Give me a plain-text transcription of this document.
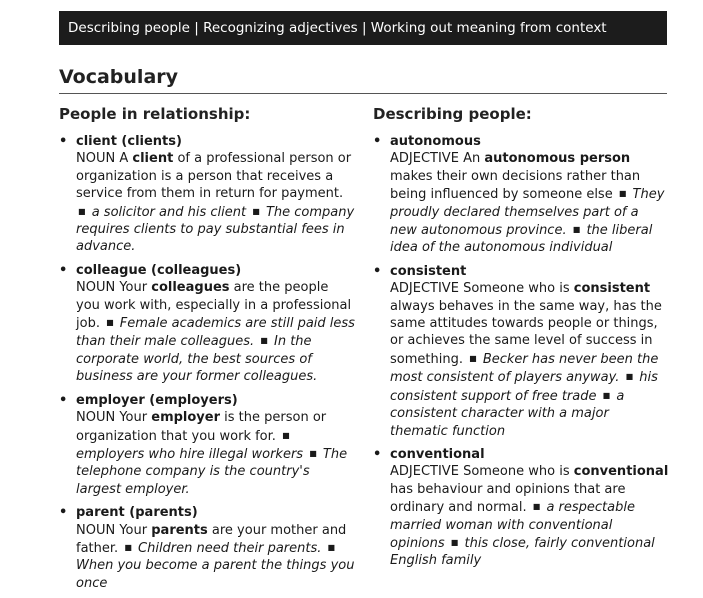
Describing people | Recognizing adjectives | Working out meaning from context
Vocabulary
People in relationship:
• client (clients)
NOUN A client of a professional person or organization is a person that receives a service from them in return for payment. ■ a solicitor and his client ■ The company requires clients to pay substantial fees in advance.
• colleague (colleagues)
NOUN Your colleagues are the people you work with, especially in a professional job. ■ Female academics are still paid less than their male colleagues. ■ In the corporate world, the best sources of business are your former colleagues.
• employer (employers)
NOUN Your employer is the person or organization that you work for. ■ employers who hire illegal workers ■ The telephone company is the country's largest employer.
• parent (parents)
NOUN Your parents are your mother and father. ■ Children need their parents. ■ When you become a parent the things you once
Describing people:
• autonomous
ADJECTIVE An autonomous person makes their own decisions rather than being influenced by someone else ■ They proudly declared themselves part of a new autonomous province. ■ the liberal idea of the autonomous individual
• consistent
ADJECTIVE Someone who is consistent always behaves in the same way, has the same attitudes towards people or things, or achieves the same level of success in something. ■ Becker has never been the most consistent of players anyway. ■ his consistent support of free trade ■ a consistent character with a major thematic function
• conventional
ADJECTIVE Someone who is conventional has behaviour and opinions that are ordinary and normal. ■ a respectable married woman with conventional opinions ■ this close, fairly conventional English family
